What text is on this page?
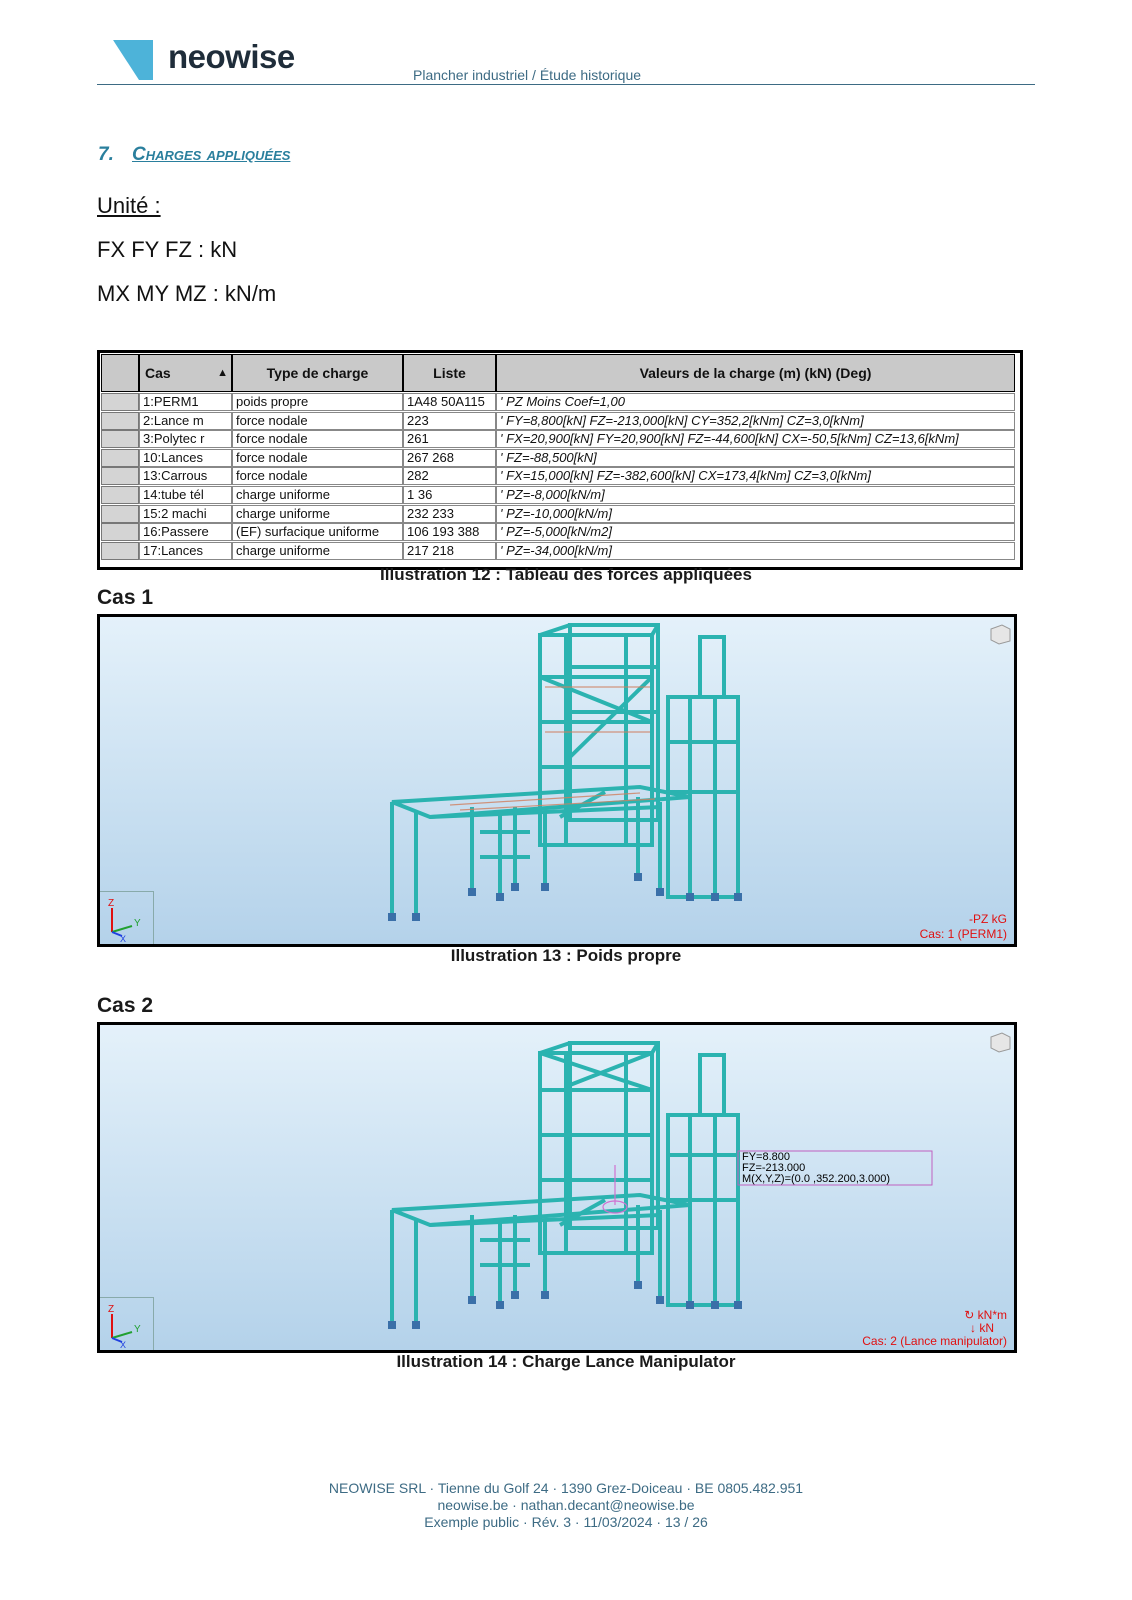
neowise	Plancher industriel / Étude historique
7. Charges appliquées
Unité :
FX FY FZ : kN
MX MY MZ : kN/m
Cas	▲	Type de charge	Liste	Valeurs de la charge (m) (kN) (Deg)
1:PERM1	poids propre	1A48 50A115	' PZ Moins Coef=1,00
2:Lance m	force nodale	223	' FY=8,800[kN] FZ=-213,000[kN] CY=352,2[kNm] CZ=3,0[kNm]
3:Polytec r	force nodale	261	' FX=20,900[kN] FY=20,900[kN] FZ=-44,600[kN] CX=-50,5[kNm] CZ=13,6[kNm]
10:Lances	force nodale	267 268	' FZ=-88,500[kN]
13:Carrous	force nodale	282	' FX=15,000[kN] FZ=-382,600[kN] CX=173,4[kNm] CZ=3,0[kNm]
14:tube tél	charge uniforme	1 36	' PZ=-8,000[kN/m]
15:2 machi	charge uniforme	232 233	' PZ=-10,000[kN/m]
16:Passere	(EF) surfacique uniforme	106 193 388	' PZ=-5,000[kN/m2]
17:Lances	charge uniforme	217 218	' PZ=-34,000[kN/m]
Illustration 12 : Tableau des forces appliquées
Cas 1
Z
Y
X
-PZ kG
Cas: 1 (PERM1)
Illustration 13 : Poids propre
Cas 2
FY=8.800
FZ=-213.000
M(X,Y,Z)=(0.0 ,352.200,3.000)
Z
Y
X
↻ kN*m
↓ kN
Cas: 2 (Lance manipulator)
Illustration 14 : Charge Lance Manipulator
NEOWISE SRL · Tienne du Golf 24 · 1390 Grez-Doiceau · BE 0805.482.951
neowise.be · nathan.decant@neowise.be
Exemple public · Rév. 3 · 11/03/2024 · 13 / 26
